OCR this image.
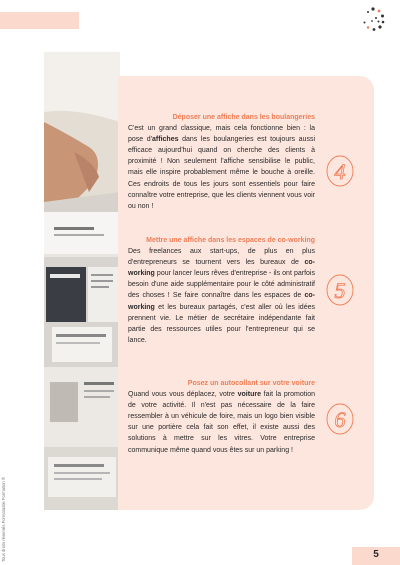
Déposer une affiche dans les boulangeries
C'est un grand classique, mais cela fonctionne bien : la pose d'affiches dans les boulangeries est toujours aussi efficace aujourd'hui quand on cherche des clients à proximité ! Non seulement l'affiche sensibilise le public, mais elle inspire probablement même le bouche à oreille. Ces endroits de tous les jours sont essentiels pour faire connaître votre entreprise, que les clients viennent vous voir ou non !
4
Mettre une affiche dans les espaces de co-working
Des freelances aux start-ups, de plus en plus d'entrepreneurs se tournent vers les bureaux de co-working pour lancer leurs rêves d'entreprise - ils ont parfois besoin d'une aide supplémentaire pour le côté administratif des choses ! Se faire connaître dans les espaces de co-working et les bureaux partagés, c'est aller où les idées prennent vie. Le métier de secrétaire indépendante fait partie des ressources utiles pour l'entrepreneur qui se lance.
5
Posez un autocollant sur votre voiture
Quand vous vous déplacez, votre voiture fait la promotion de votre activité. Il n'est pas nécessaire de la faire ressembler à un véhicule de foire, mais un logo bien visible sur une portière cela fait son effet, il existe aussi des solutions à mettre sur les vitres. Votre entreprise communique même quand vous êtes sur un parking !
6
Tous droits réservés Formatastie Formation ®	5
